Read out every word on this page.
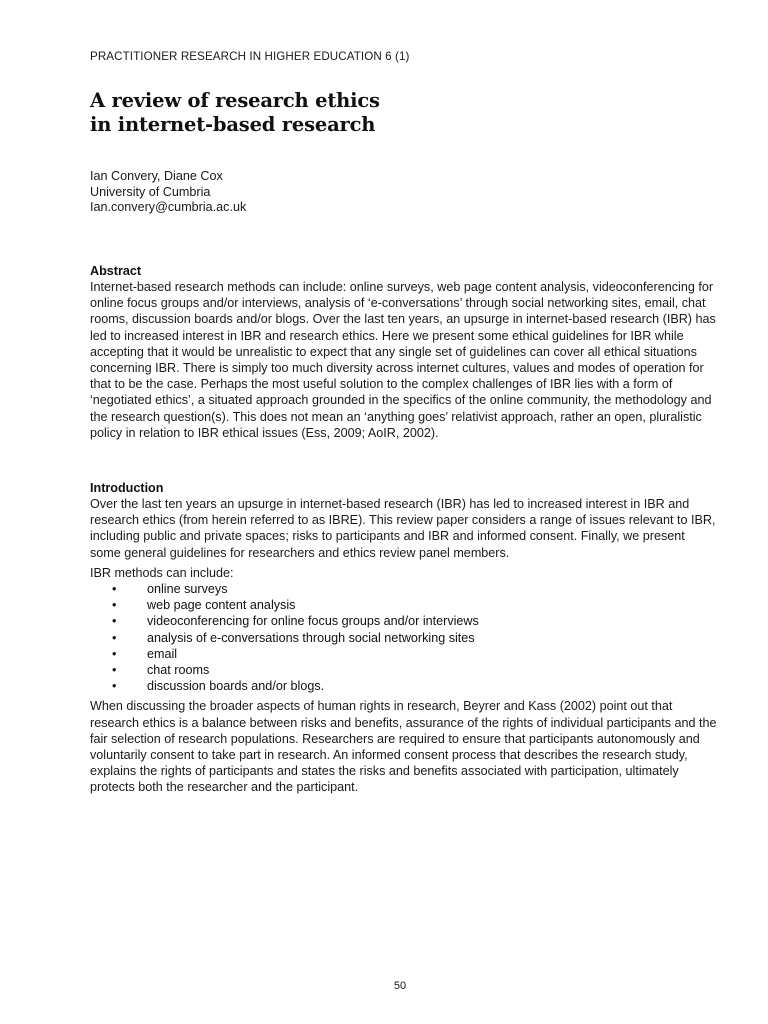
PRACTITIONER RESEARCH IN HIGHER EDUCATION 6 (1)
A review of research ethics
in internet-based research
Ian Convery, Diane Cox
University of Cumbria
Ian.convery@cumbria.ac.uk
Abstract

Internet-based research methods can include: online surveys, web page content analysis, videoconferencing for online focus groups and/or interviews, analysis of ‘e-conversations’ through social networking sites, email, chat rooms, discussion boards and/or blogs. Over the last ten years, an upsurge in internet-based research (IBR) has led to increased interest in IBR and research ethics. Here we present some ethical guidelines for IBR while accepting that it would be unrealistic to expect that any single set of guidelines can cover all ethical situations concerning IBR. There is simply too much diversity across internet cultures, values and modes of operation for that to be the case. Perhaps the most useful solution to the complex challenges of IBR lies with a form of ‘negotiated ethics’, a situated approach grounded in the specifics of the online community, the methodology and the research question(s). This does not mean an ‘anything goes’ relativist approach, rather an open, pluralistic policy in relation to IBR ethical issues (Ess, 2009; AoIR, 2002).

Introduction

Over the last ten years an upsurge in internet-based research (IBR) has led to increased interest in IBR and research ethics (from herein referred to as IBRE). This review paper considers a range of issues relevant to IBR, including public and private spaces; risks to participants and IBR and informed consent. Finally, we present some general guidelines for researchers and ethics review panel members.

IBR methods can include:

• online surveys
• web page content analysis
• videoconferencing for online focus groups and/or interviews
• analysis of e-conversations through social networking sites
• email
• chat rooms
• discussion boards and/or blogs.

When discussing the broader aspects of human rights in research, Beyrer and Kass (2002) point out that research ethics is a balance between risks and benefits, assurance of the rights of individual participants and the fair selection of research populations. Researchers are required to ensure that participants autonomously and voluntarily consent to take part in research. An informed consent process that describes the research study, explains the rights of participants and states the risks and benefits associated with participation, ultimately protects both the researcher and the participant.

50
